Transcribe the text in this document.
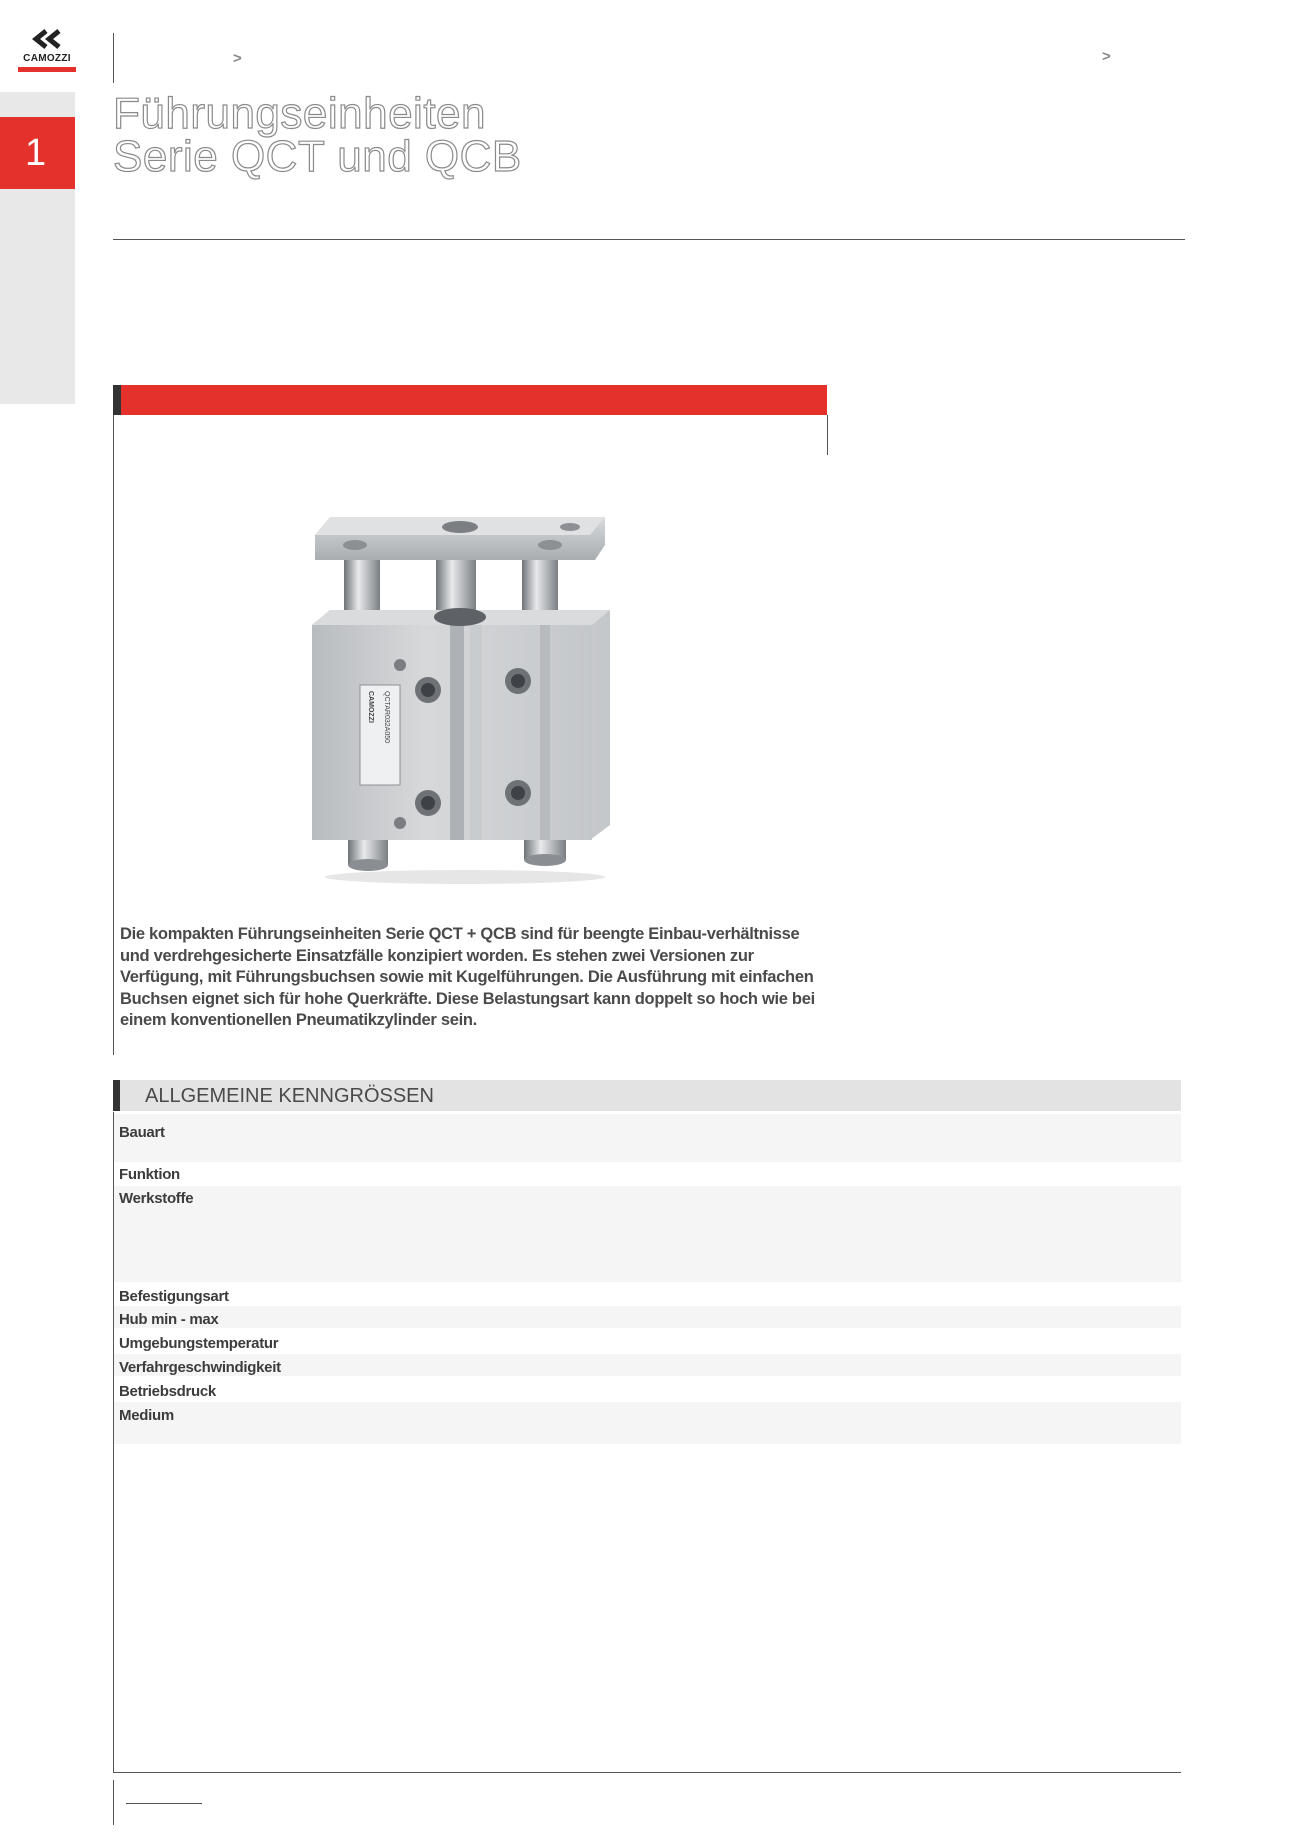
CAMOZZI
1
>	>
Führungseinheiten
Serie QCT und QCB
QCTAR032A050
CAMOZZI
Die kompakten Führungseinheiten Serie QCT + QCB sind für beengte Einbau-verhältnisse und verdrehgesicherte Einsatzfälle konzipiert worden. Es stehen zwei Versionen zur Verfügung, mit Führungsbuchsen sowie mit Kugelführungen. Die Ausführung mit einfachen Buchsen eignet sich für hohe Querkräfte. Diese Belastungsart kann doppelt so hoch wie bei einem konventionellen Pneumatikzylinder sein.
ALLGEMEINE KENNGRÖSSEN
Bauart
Funktion
Werkstoffe
Befestigungsart
Hub min - max
Umgebungstemperatur
Verfahrgeschwindigkeit
Betriebsdruck
Medium
